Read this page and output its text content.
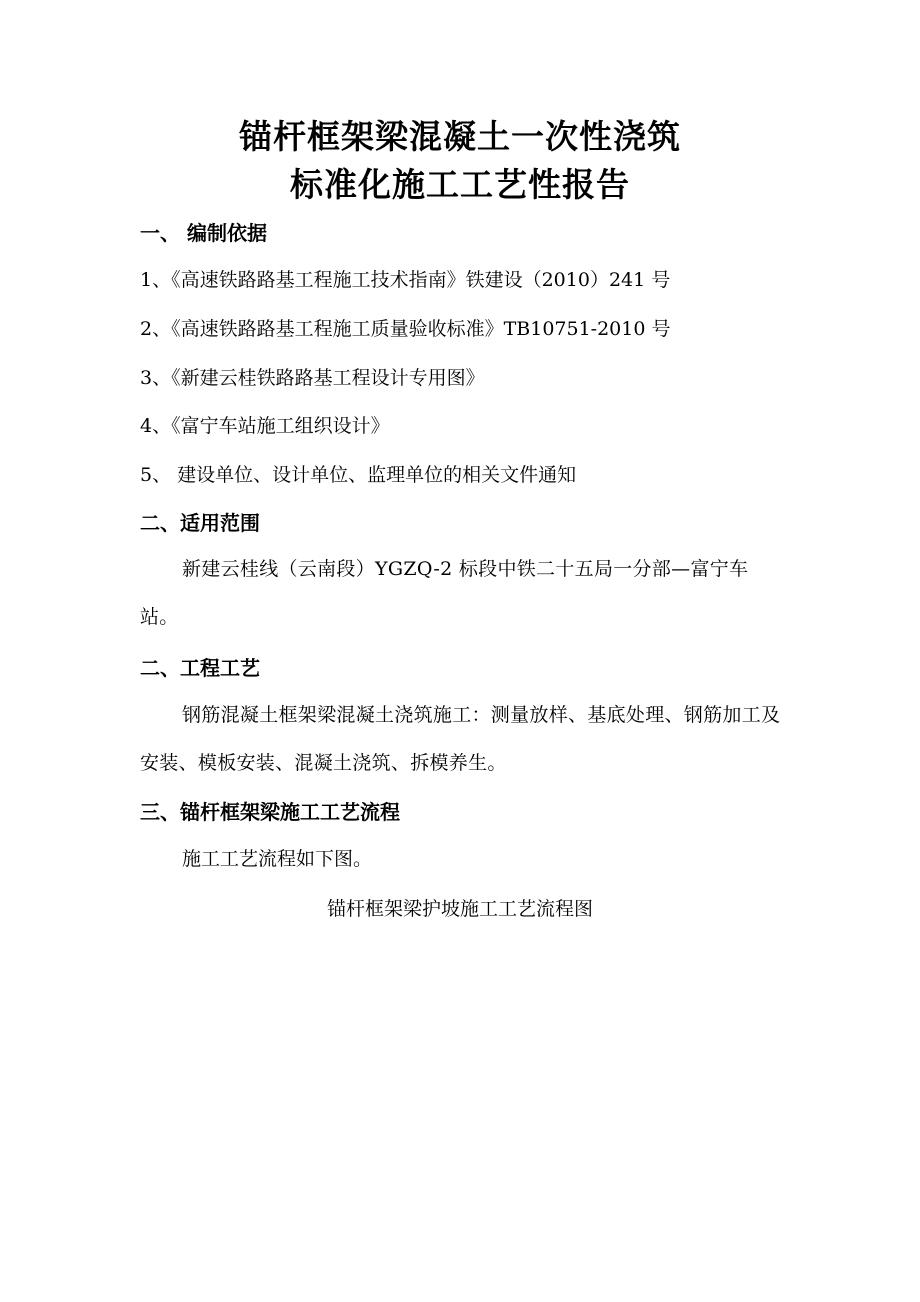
锚杆框架梁混凝土一次性浇筑
标准化施工工艺性报告
一、 编制依据
1、《高速铁路路基工程施工技术指南》铁建设（2010）241 号
2、《高速铁路路基工程施工质量验收标准》TB10751-2010 号
3、《新建云桂铁路路基工程设计专用图》
4、《富宁车站施工组织设计》
5、 建设单位、设计单位、监理单位的相关文件通知
二、适用范围
新建云桂线（云南段）YGZQ-2 标段中铁二十五局一分部—富宁车站。
二、工程工艺
钢筋混凝土框架梁混凝土浇筑施工：测量放样、基底处理、钢筋加工及安装、模板安装、混凝土浇筑、拆模养生。
三、锚杆框架梁施工工艺流程
施工工艺流程如下图。
锚杆框架梁护坡施工工艺流程图
